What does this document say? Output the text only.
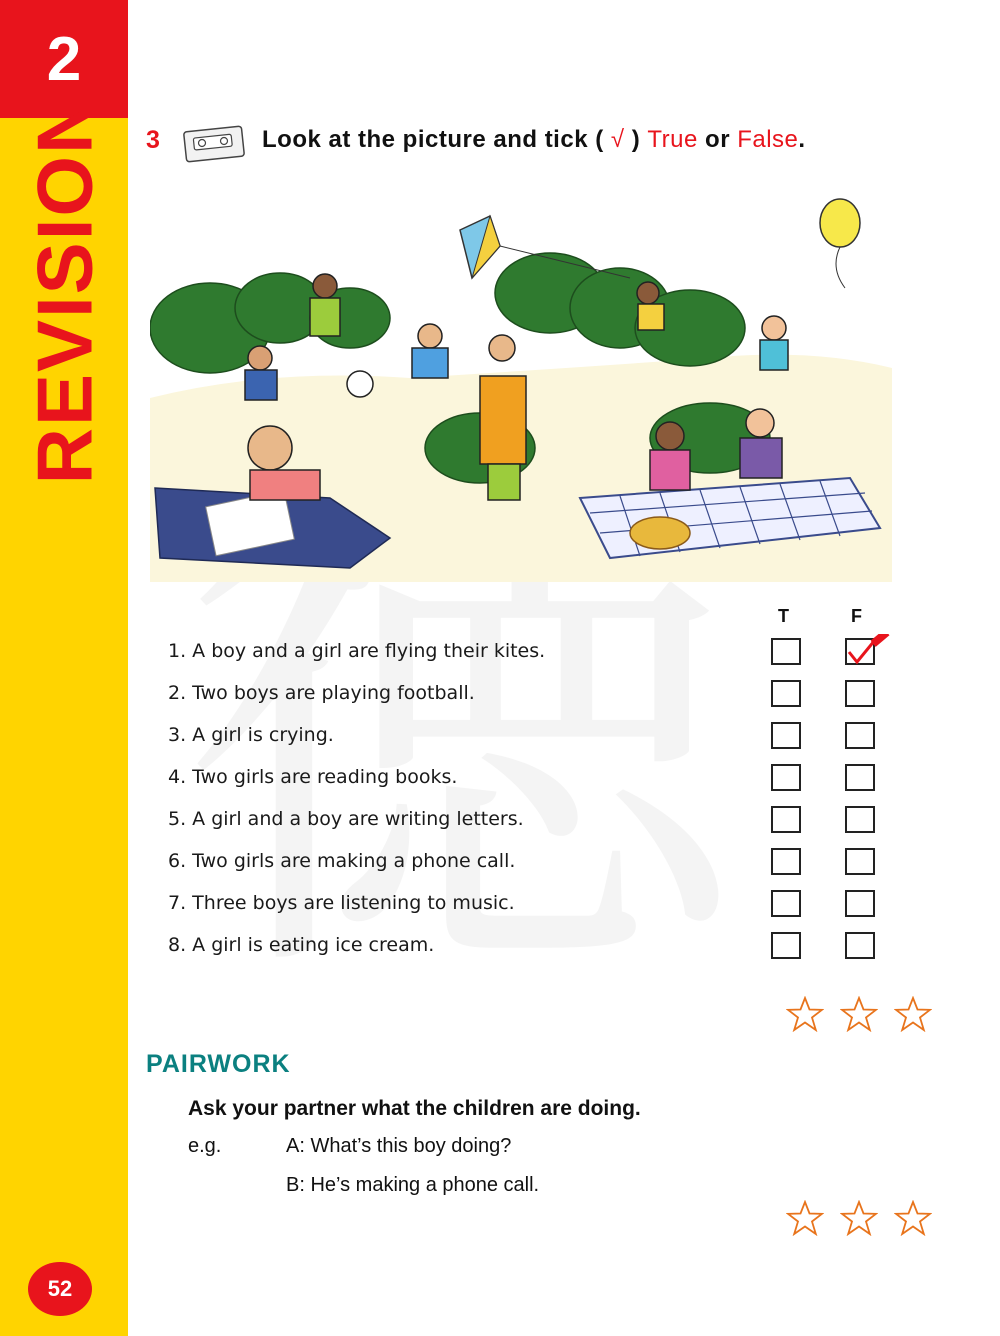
2
REVISION
52
3	Look at the picture and tick ( √ ) True or False.
T	F
1. A boy and a girl are flying their kites.
2. Two boys are playing football.
3. A girl is crying.
4. Two girls are reading books.
5. A girl and a boy are writing letters.
6. Two girls are making a phone call.
7. Three boys are listening to music.
8. A girl is eating ice cream.
PAIRWORK
Ask your partner what the children are doing.
e.g.	A: What’s this boy doing?
B: He’s making a phone call.
